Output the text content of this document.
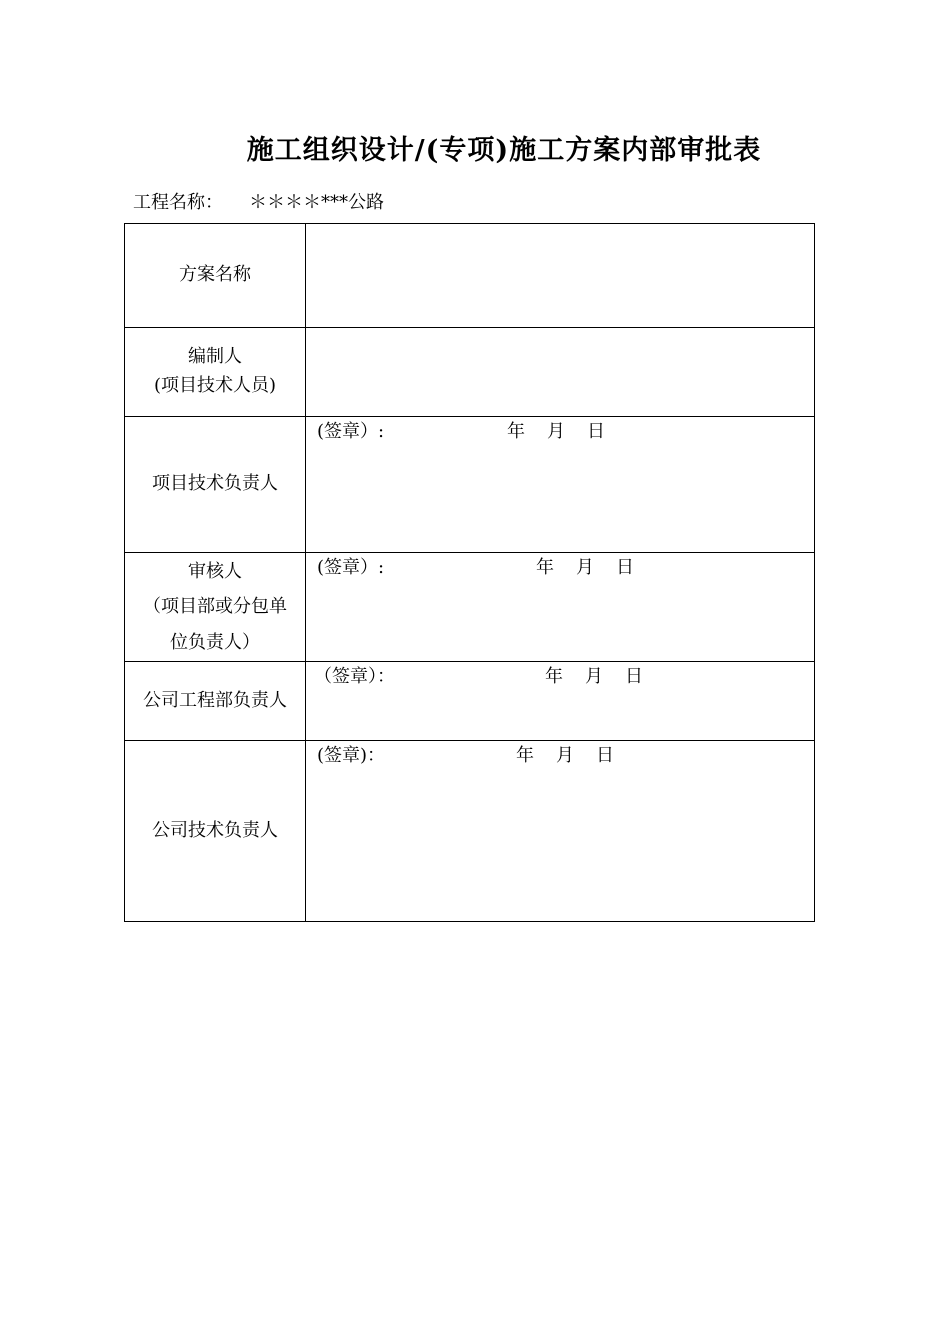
施工组织设计/(专项)施工方案内部审批表
工程名称： ＊＊＊＊***公路
方案名称	

编制人
(项目技术人员)	

项目技术负责人	(签章）: 年 月 日

审核人
（项目部或分包单
位负责人）	(签章）: 年 月 日

公司工程部负责人	（签章）： 年 月 日

公司技术负责人	(签章)： 年 月 日
